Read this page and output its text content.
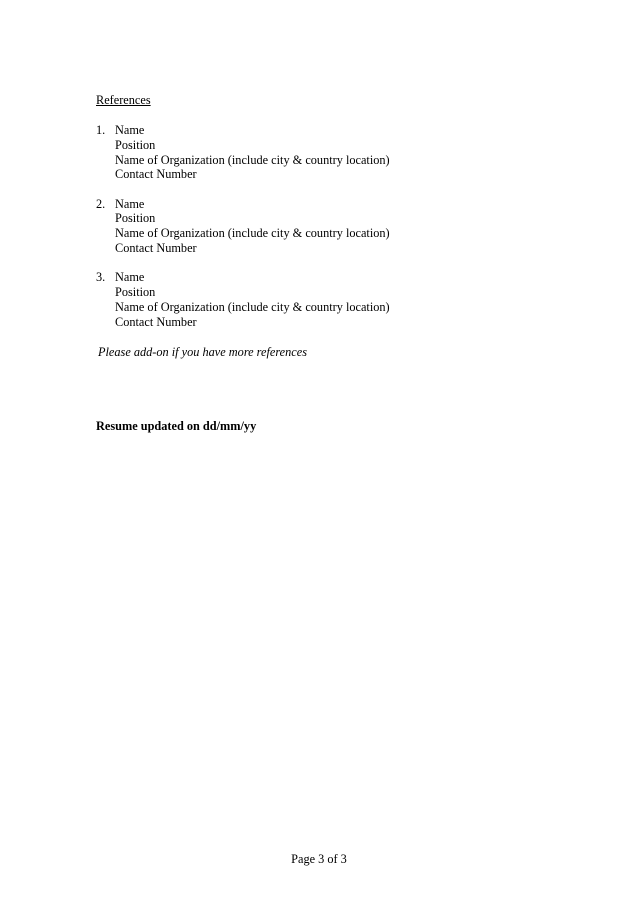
References
1. Name
Position
Name of Organization (include city & country location)
Contact Number
2. Name
Position
Name of Organization (include city & country location)
Contact Number
3. Name
Position
Name of Organization (include city & country location)
Contact Number
Please add-on if you have more references
Resume updated on dd/mm/yy
Page 3 of 3
